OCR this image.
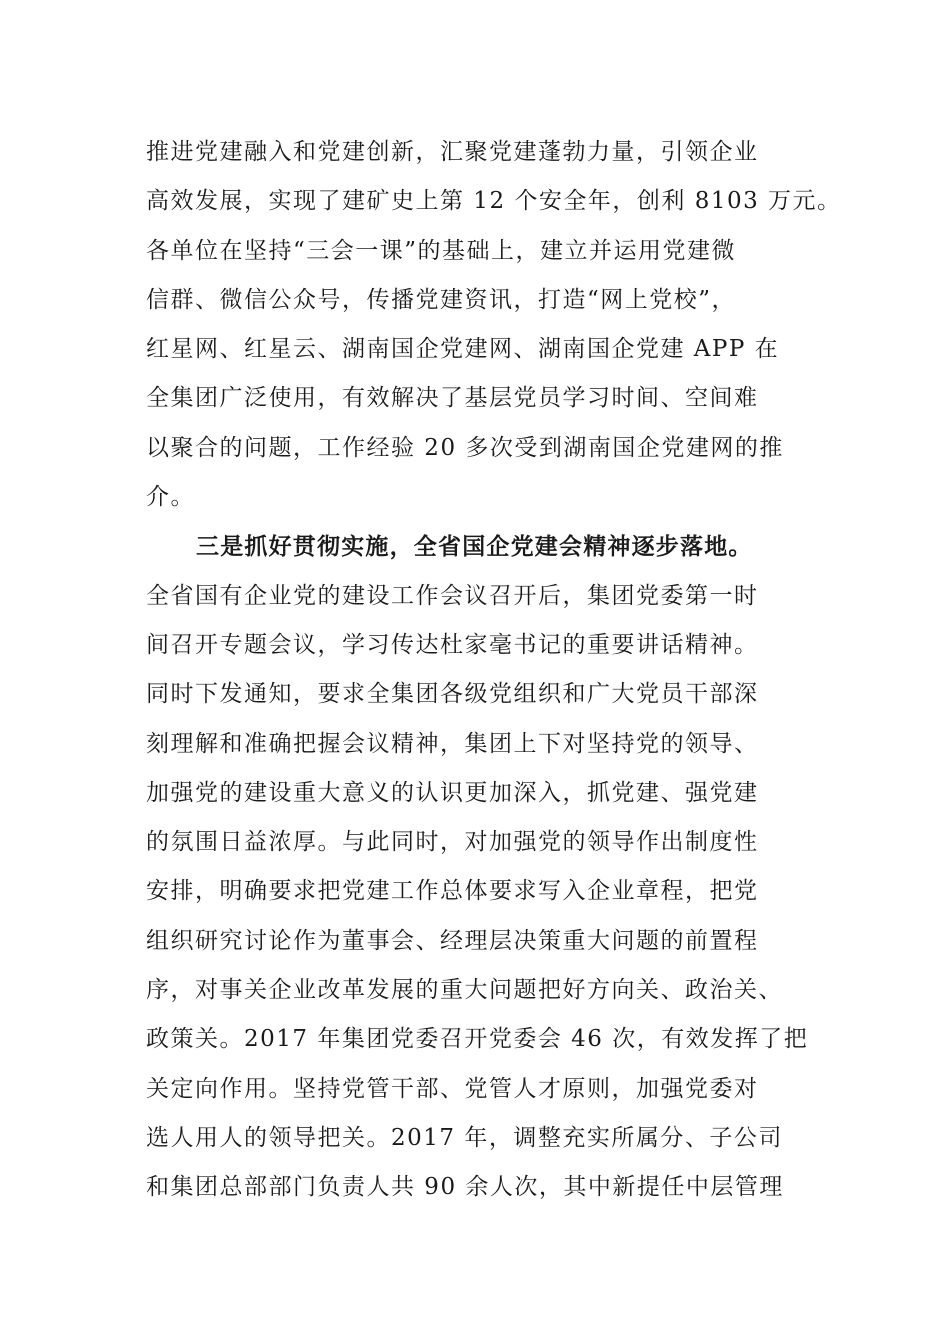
推进党建融入和党建创新，汇聚党建蓬勃力量，引领企业
高效发展，实现了建矿史上第 12 个安全年，创利 8103 万元。
各单位在坚持“三会一课”的基础上，建立并运用党建微
信群、微信公众号，传播党建资讯，打造“网上党校”，
红星网、红星云、湖南国企党建网、湖南国企党建 APP 在
全集团广泛使用，有效解决了基层党员学习时间、空间难
以聚合的问题，工作经验 20 多次受到湖南国企党建网的推
介。
三是抓好贯彻实施，全省国企党建会精神逐步落地。
全省国有企业党的建设工作会议召开后，集团党委第一时
间召开专题会议，学习传达杜家毫书记的重要讲话精神。
同时下发通知，要求全集团各级党组织和广大党员干部深
刻理解和准确把握会议精神，集团上下对坚持党的领导、
加强党的建设重大意义的认识更加深入，抓党建、强党建
的氛围日益浓厚。与此同时，对加强党的领导作出制度性
安排，明确要求把党建工作总体要求写入企业章程，把党
组织研究讨论作为董事会、经理层决策重大问题的前置程
序，对事关企业改革发展的重大问题把好方向关、政治关、
政策关。2017 年集团党委召开党委会 46 次，有效发挥了把
关定向作用。坚持党管干部、党管人才原则，加强党委对
选人用人的领导把关。2017 年，调整充实所属分、子公司
和集团总部部门负责人共 90 余人次，其中新提任中层管理
